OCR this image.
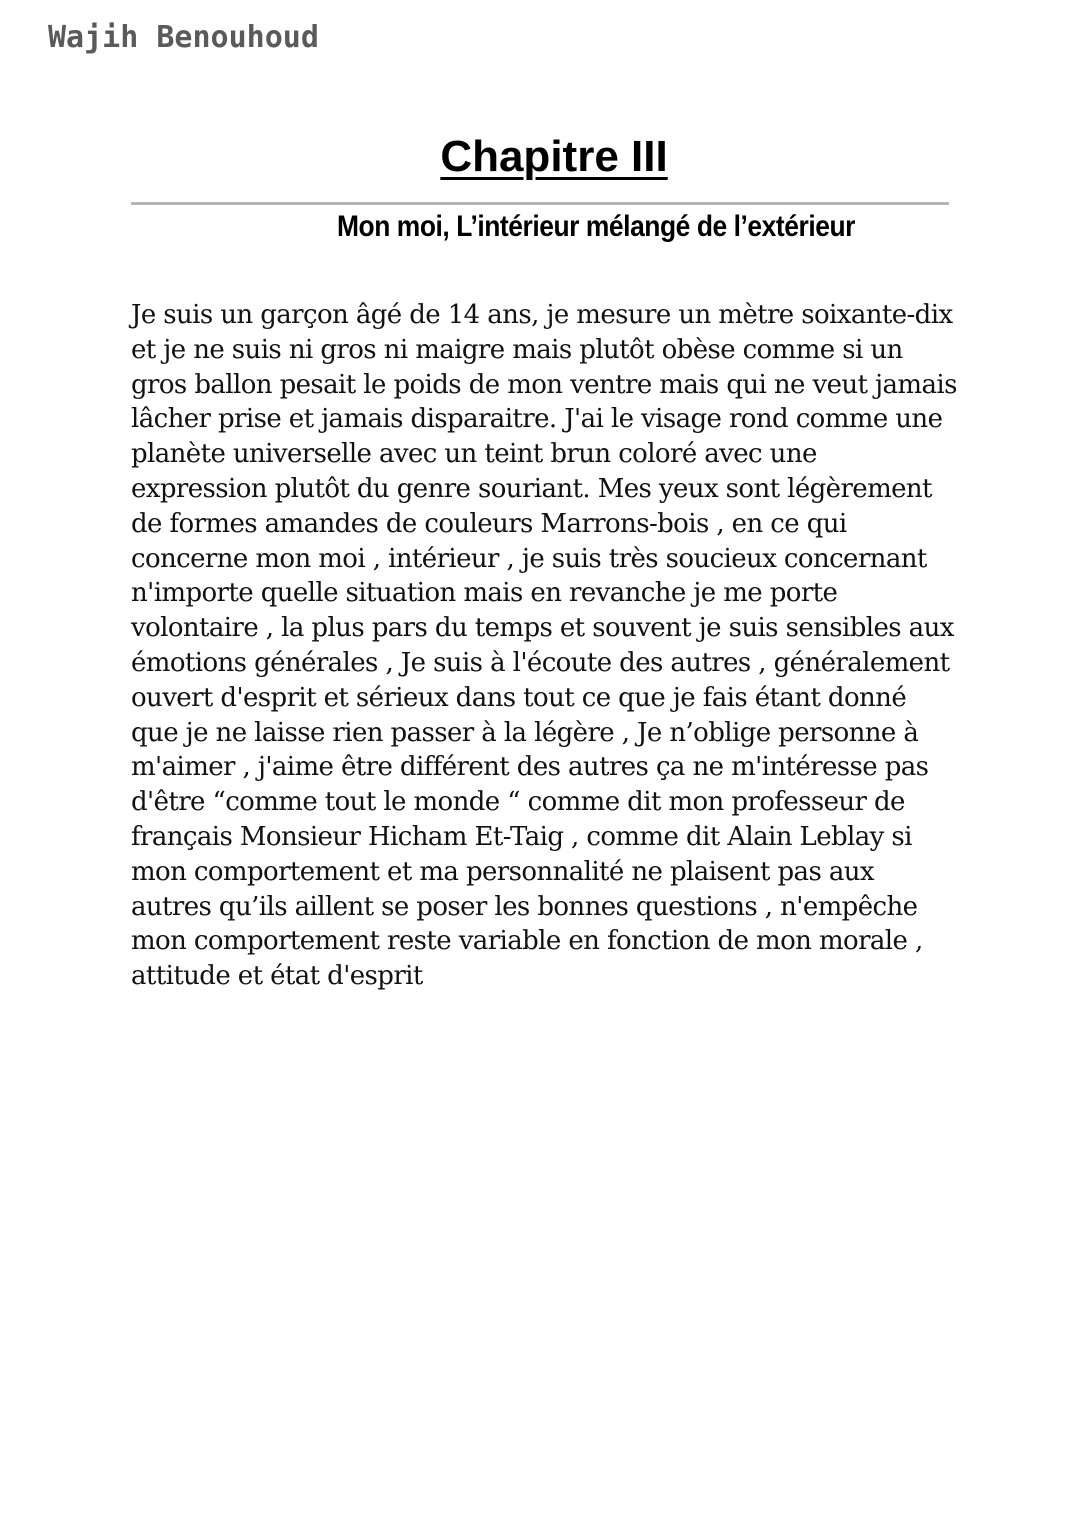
Wajih Benouhoud
Chapitre III
Mon moi, L’intérieur mélangé de l’extérieur
Je suis un garçon âgé de 14 ans, je mesure un mètre soixante-dix
et je ne suis ni gros ni maigre mais plutôt obèse comme si un
gros ballon pesait le poids de mon ventre mais qui ne veut jamais
lâcher prise et jamais disparaitre. J'ai le visage rond comme une
planète universelle avec un teint brun coloré avec une
expression plutôt du genre souriant. Mes yeux sont légèrement
de formes amandes de couleurs Marrons-bois , en ce qui
concerne mon moi , intérieur , je suis très soucieux concernant
n'importe quelle situation mais en revanche je me porte
volontaire , la plus pars du temps et souvent je suis sensibles aux
émotions générales , Je suis à l'écoute des autres , généralement
ouvert d'esprit et sérieux dans tout ce que je fais étant donné
que je ne laisse rien passer à la légère , Je n’oblige personne à
m'aimer , j'aime être différent des autres ça ne m'intéresse pas
d'être “comme tout le monde “ comme dit mon professeur de
français Monsieur Hicham Et-Taig , comme dit Alain Leblay si
mon comportement et ma personnalité ne plaisent pas aux
autres qu’ils aillent se poser les bonnes questions , n'empêche
mon comportement reste variable en fonction de mon morale ,
attitude et état d'esprit
